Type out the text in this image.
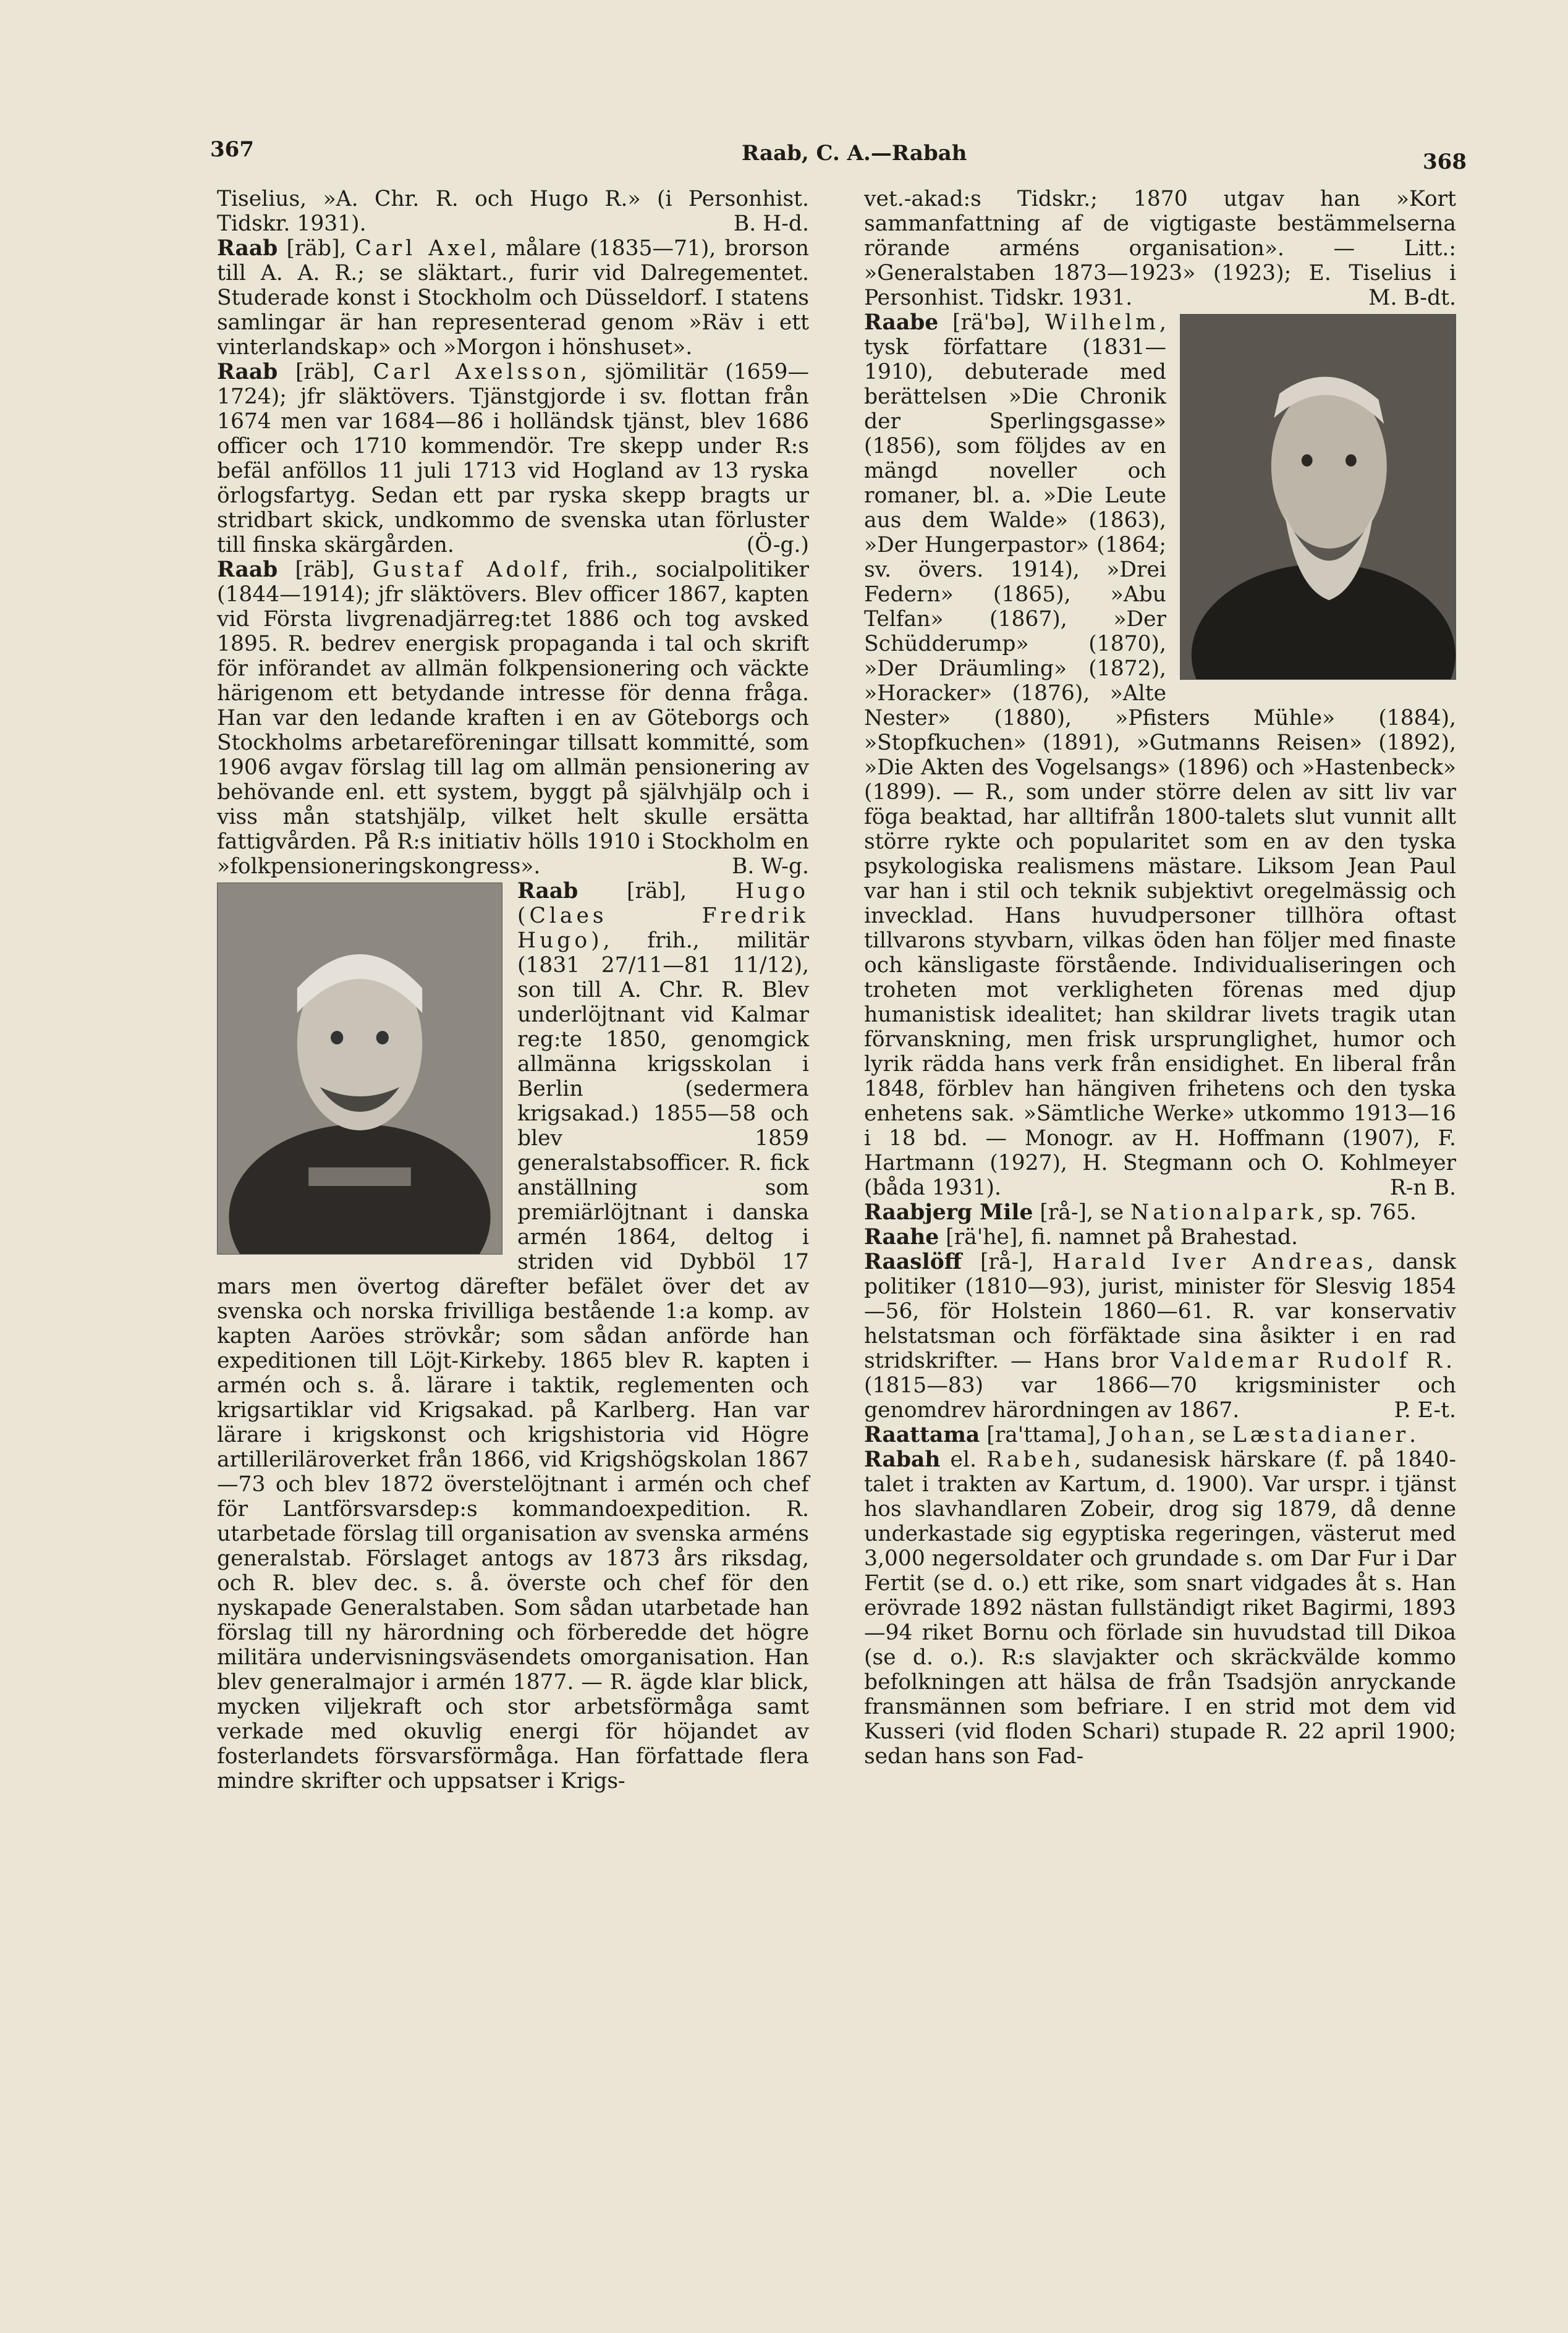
367	Raab, C. A.—Rabah	368

Tiselius, »A. Chr. R. och Hugo R.» (i Personhist. Tidskr. 1931).	B. H-d.

Raab [räb], Carl Axel, målare (1835—71), brorson till A. A. R.; se släktart., furir vid Dalregementet. Studerade konst i Stockholm och Düsseldorf. I statens samlingar är han representerad genom »Räv i ett vinterlandskap» och »Morgon i hönshuset».

Raab [räb], Carl Axelsson, sjömilitär (1659—1724); jfr släktövers. Tjänstgjorde i sv. flottan från 1674 men var 1684—86 i holländsk tjänst, blev 1686 officer och 1710 kommendör. Tre skepp under R:s befäl anföllos 11 juli 1713 vid Hogland av 13 ryska örlogsfartyg. Sedan ett par ryska skepp bragts ur stridbart skick, undkommo de svenska utan förluster till finska skärgården.	(Ö-g.)

Raab [räb], Gustaf Adolf, frih., socialpolitiker (1844—1914); jfr släktövers. Blev officer 1867, kapten vid Första livgrenadjärreg:tet 1886 och tog avsked 1895. R. bedrev energisk propaganda i tal och skrift för införandet av allmän folkpensionering och väckte härigenom ett betydande intresse för denna fråga. Han var den ledande kraften i en av Göteborgs och Stockholms arbetareföreningar tillsatt kommitté, som 1906 avgav förslag till lag om allmän pensionering av behövande enl. ett system, byggt på självhjälp och i viss mån statshjälp, vilket helt skulle ersätta fattigvården. På R:s initiativ hölls 1910 i Stockholm en »folkpensioneringskongress».	B. W-g.

Raab [räb], Hugo (Claes Fredrik Hugo), frih., militär (1831 27/11—81 11/12), son till A. Chr. R. Blev underlöjtnant vid Kalmar reg:te 1850, genomgick allmänna krigsskolan i Berlin (sedermera krigsakad.) 1855—58 och blev 1859 generalstabsofficer. R. fick anställning som premiärlöjtnant i danska armén 1864, deltog i striden vid Dybböl 17 mars men övertog därefter befälet över det av svenska och norska frivilliga bestående 1:a komp. av kapten Aaröes strövkår; som sådan anförde han expeditionen till Löjt-Kirkeby. 1865 blev R. kapten i armén och s. å. lärare i taktik, reglementen och krigsartiklar vid Krigsakad. på Karlberg. Han var lärare i krigskonst och krigshistoria vid Högre artilleriläroverket från 1866, vid Krigshögskolan 1867—73 och blev 1872 överstelöjtnant i armén och chef för Lantförsvarsdep:s kommandoexpedition. R. utarbetade förslag till organisation av svenska arméns generalstab. Förslaget antogs av 1873 års riksdag, och R. blev dec. s. å. överste och chef för den nyskapade Generalstaben. Som sådan utarbetade han förslag till ny härordning och förberedde det högre militära undervisningsväsendets omorganisation. Han blev generalmajor i armén 1877. — R. ägde klar blick, mycken viljekraft och stor arbetsförmåga samt verkade med okuvlig energi för höjandet av fosterlandets försvarsförmåga. Han författade flera mindre skrifter och uppsatser i Krigs-

vet.-akad:s Tidskr.; 1870 utgav han »Kort sammanfattning af de vigtigaste bestämmelserna rörande arméns organisation». — Litt.: »Generalstaben 1873—1923» (1923); E. Tiselius i Personhist. Tidskr. 1931.	M. B-dt.

Raabe [rä'bə], Wilhelm, tysk författare (1831—1910), debuterade med berättelsen »Die Chronik der Sperlingsgasse» (1856), som följdes av en mängd noveller och romaner, bl. a. »Die Leute aus dem Walde» (1863), »Der Hungerpastor» (1864; sv. övers. 1914), »Drei Federn» (1865), »Abu Telfan» (1867), »Der Schüdderump» (1870), »Der Dräumling» (1872), »Horacker» (1876), »Alte Nester» (1880), »Pfisters Mühle» (1884), »Stopfkuchen» (1891), »Gutmanns Reisen» (1892), »Die Akten des Vogelsangs» (1896) och »Hastenbeck» (1899). — R., som under större delen av sitt liv var föga beaktad, har alltifrån 1800-talets slut vunnit allt större rykte och popularitet som en av den tyska psykologiska realismens mästare. Liksom Jean Paul var han i stil och teknik subjektivt oregelmässig och invecklad. Hans huvudpersoner tillhöra oftast tillvarons styvbarn, vilkas öden han följer med finaste och känsligaste förstående. Individualiseringen och troheten mot verkligheten förenas med djup humanistisk idealitet; han skildrar livets tragik utan förvanskning, men frisk ursprunglighet, humor och lyrik rädda hans verk från ensidighet. En liberal från 1848, förblev han hängiven frihetens och den tyska enhetens sak. »Sämtliche Werke» utkommo 1913—16 i 18 bd. — Monogr. av H. Hoffmann (1907), F. Hartmann (1927), H. Stegmann och O. Kohlmeyer (båda 1931).	R-n B.

Raabjerg Mile [rå-], se Nationalpark, sp. 765.

Raahe [rä'he], fi. namnet på Brahestad.

Raaslöff [rå-], Harald Iver Andreas, dansk politiker (1810—93), jurist, minister för Slesvig 1854—56, för Holstein 1860—61. R. var konservativ helstatsman och förfäktade sina åsikter i en rad stridskrifter. — Hans bror Valdemar Rudolf R. (1815—83) var 1866—70 krigsminister och genomdrev härordningen av 1867.	P. E-t.

Raattama [ra'ttama], Johan, se Læstadianer.

Rabah el. Rabeh, sudanesisk härskare (f. på 1840-talet i trakten av Kartum, d. 1900). Var urspr. i tjänst hos slavhandlaren Zobeir, drog sig 1879, då denne underkastade sig egyptiska regeringen, västerut med 3,000 negersoldater och grundade s. om Dar Fur i Dar Fertit (se d. o.) ett rike, som snart vidgades åt s. Han erövrade 1892 nästan fullständigt riket Bagirmi, 1893—94 riket Bornu och förlade sin huvudstad till Dikoa (se d. o.). R:s slavjakter och skräckvälde kommo befolkningen att hälsa de från Tsadsjön anryckande fransmännen som befriare. I en strid mot dem vid Kusseri (vid floden Schari) stupade R. 22 april 1900; sedan hans son Fad-
